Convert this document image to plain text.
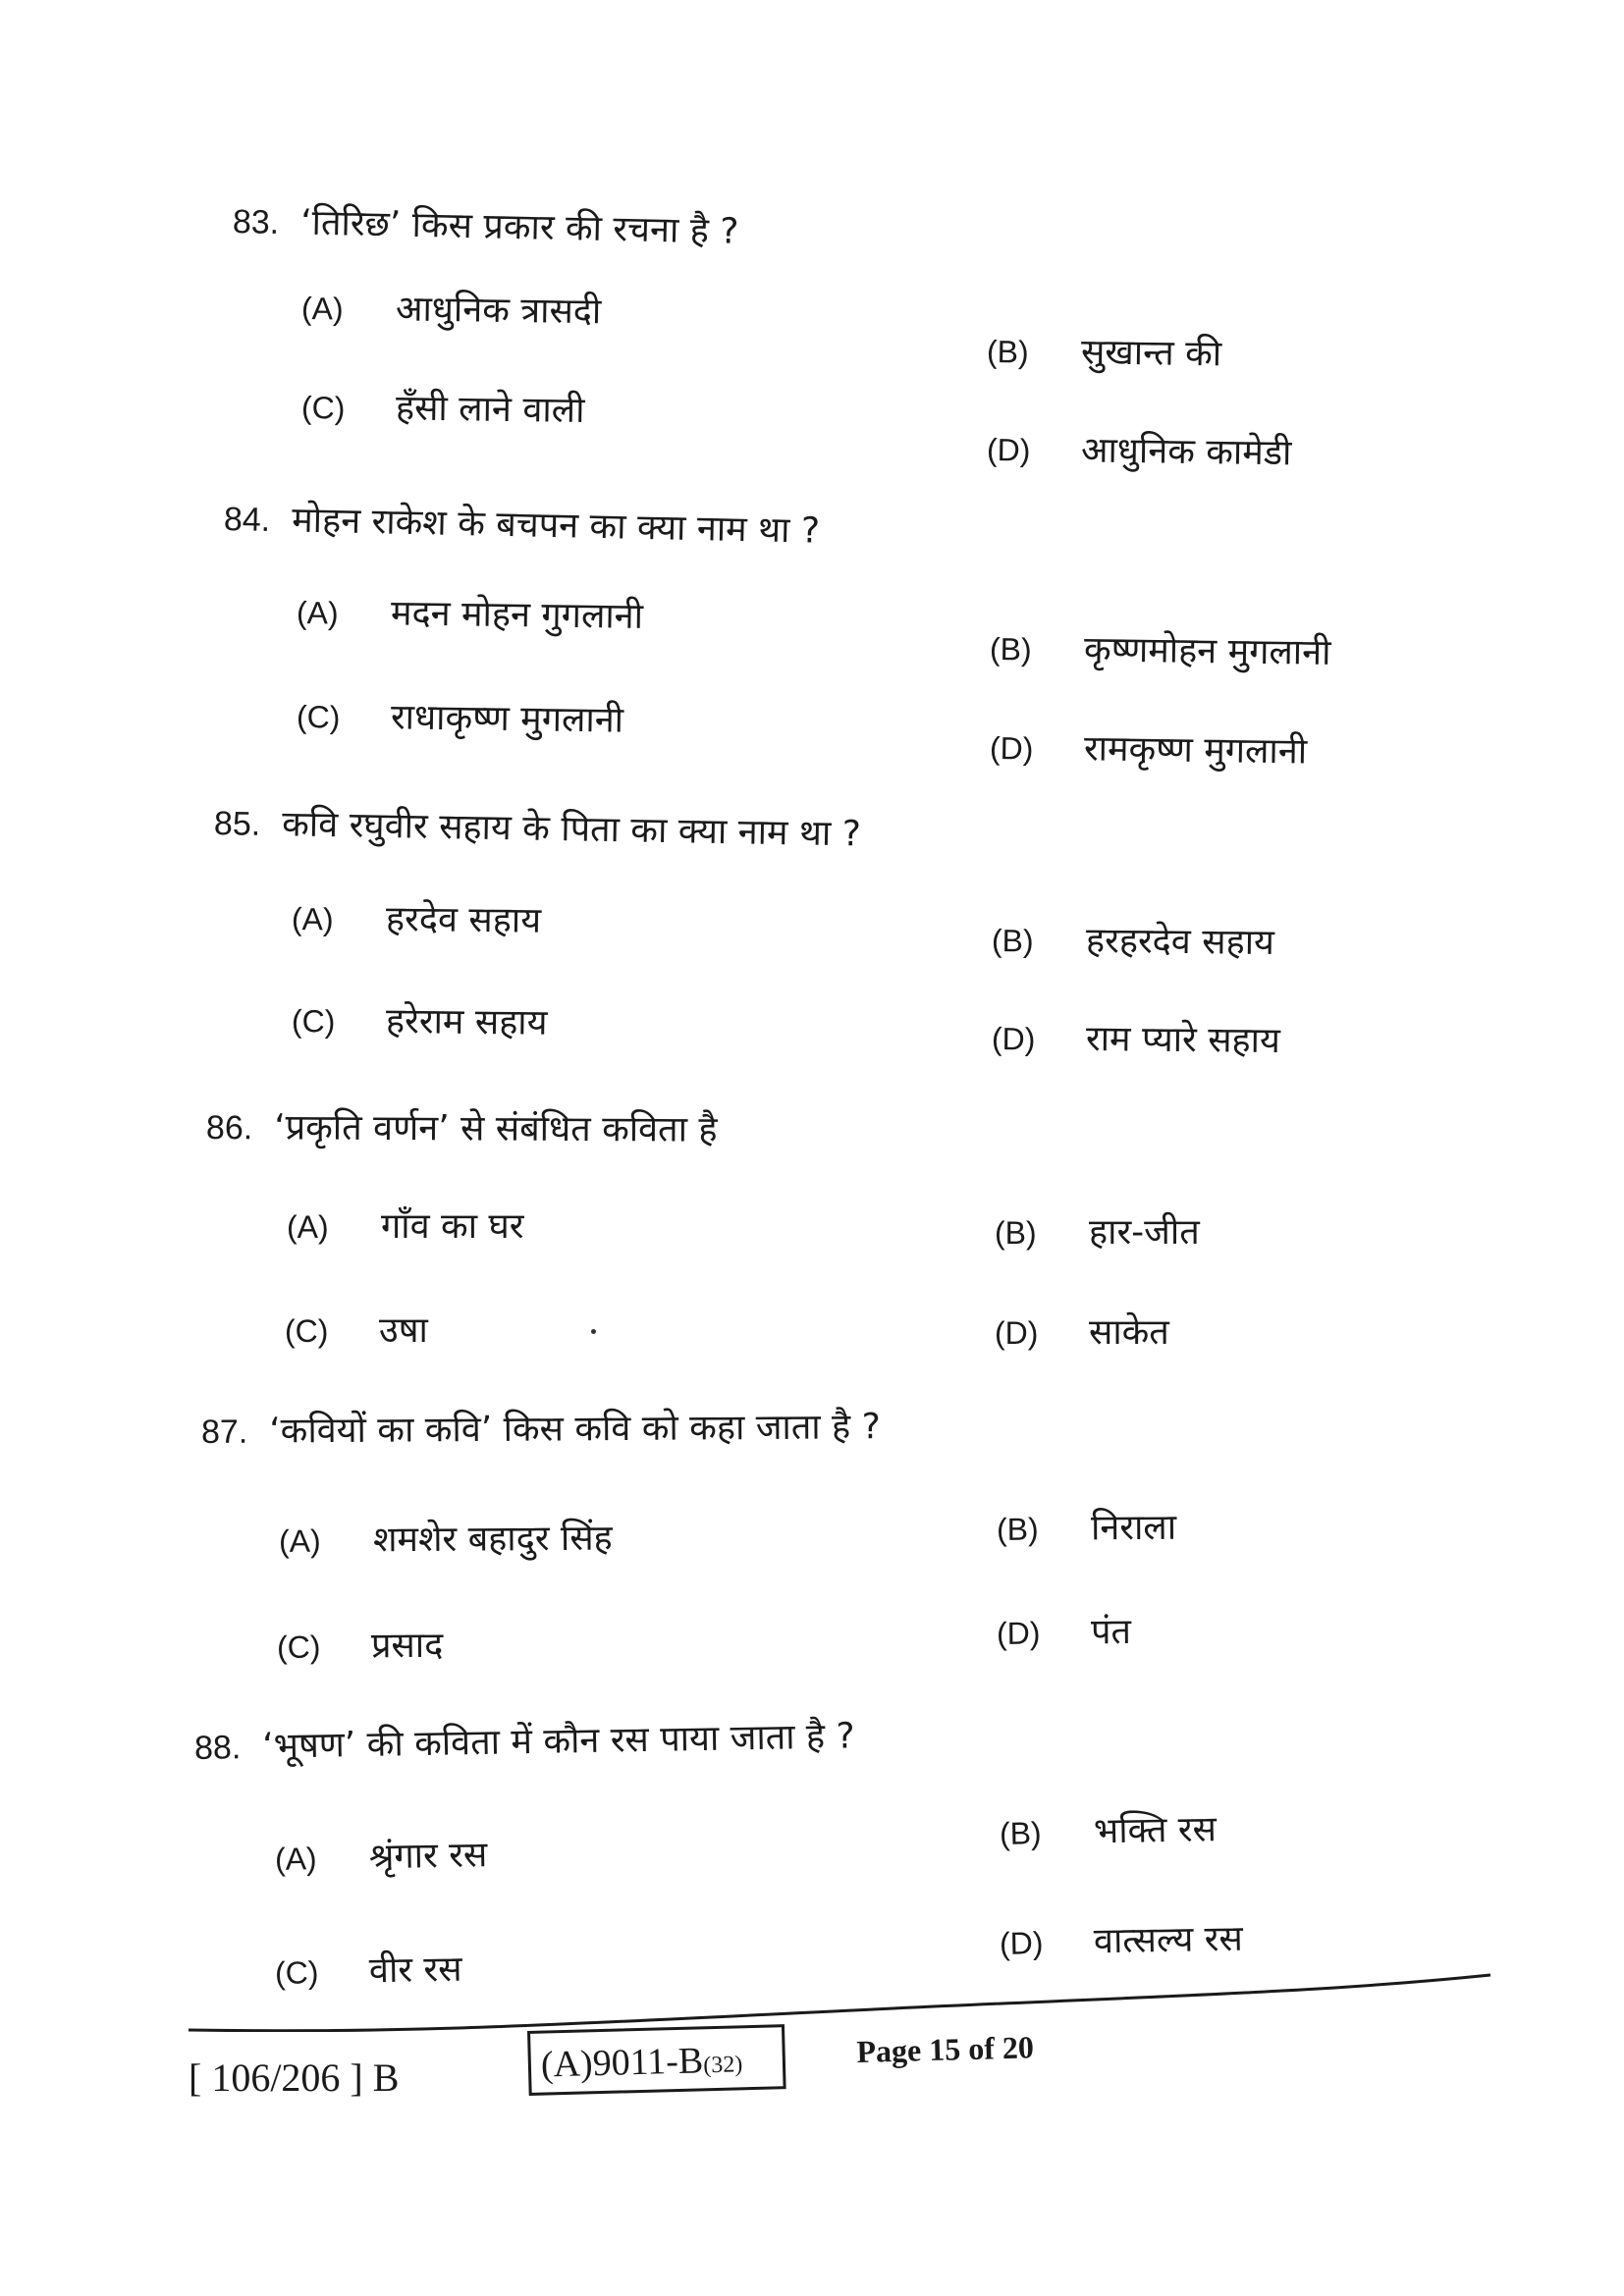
83. ‘तिरिछ’ किस प्रकार की रचना है ?
(A) आधुनिक त्रासदी
(B) सुखान्त की
(C) हँसी लाने वाली
(D) आधुनिक कामेडी
84. मोहन राकेश के बचपन का क्या नाम था ?
(A) मदन मोहन गुगलानी
(B) कृष्णमोहन मुगलानी
(C) राधाकृष्ण मुगलानी
(D) रामकृष्ण मुगलानी
85. कवि रघुवीर सहाय के पिता का क्या नाम था ?
(A) हरदेव सहाय	(B) हरहरदेव सहाय
(C) हरेराम सहाय	(D) राम प्यारे सहाय
86. ‘प्रकृति वर्णन’ से संबंधित कविता है
(A) गाँव का घर	(B) हार-जीत
(C) उषा	(D) साकेत
87. ‘कवियों का कवि’ किस कवि को कहा जाता है ?
(A) शमशेर बहादुर सिंह	(B) निराला
(C) प्रसाद	(D) पंत
88. ‘भूषण’ की कविता में कौन रस पाया जाता है ?
(A) श्रृंगार रस
(B) भक्ति रस
(C) वीर रस
(D) वात्सल्य रस
[ 106/206 ] B	(A)9011-B(32)	Page 15 of 20
